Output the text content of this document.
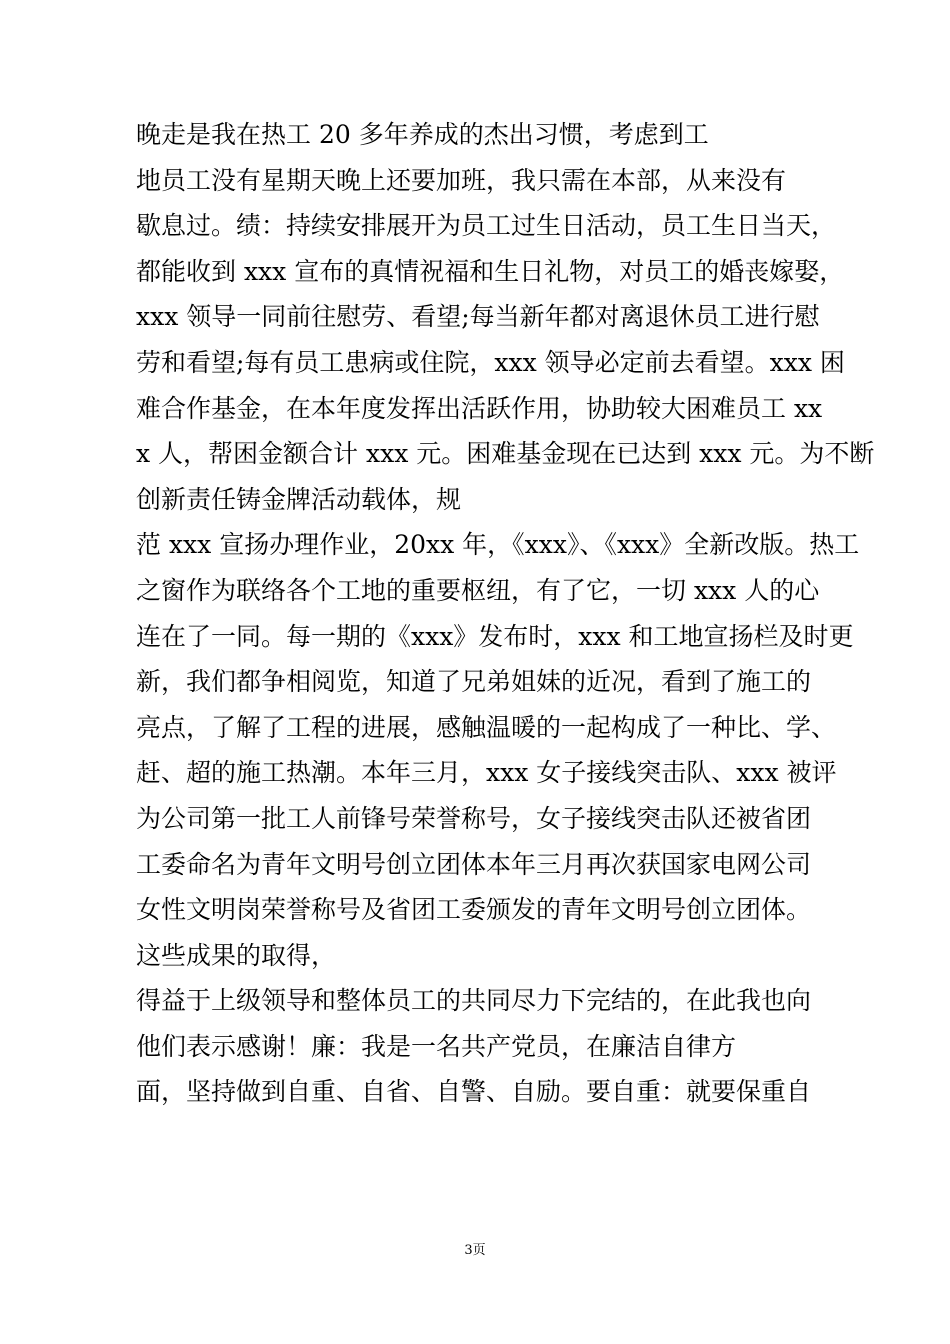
晚走是我在热工 20 多年养成的杰出习惯，考虑到工
地员工没有星期天晚上还要加班，我只需在本部，从来没有
歇息过。绩：持续安排展开为员工过生日活动，员工生日当天，
都能收到 xxx 宣布的真情祝福和生日礼物，对员工的婚丧嫁娶，
xxx 领导一同前往慰劳、看望;每当新年都对离退休员工进行慰
劳和看望;每有员工患病或住院，xxx 领导必定前去看望。xxx 困
难合作基金，在本年度发挥出活跃作用，协助较大困难员工 xx
x 人，帮困金额合计 xxx 元。困难基金现在已达到 xxx 元。为不断
创新责任铸金牌活动载体，规
范 xxx 宣扬办理作业，20xx 年，《xxx》、《xxx》全新改版。热工
之窗作为联络各个工地的重要枢纽，有了它，一切 xxx 人的心
连在了一同。每一期的《xxx》发布时，xxx 和工地宣扬栏及时更
新，我们都争相阅览，知道了兄弟姐妹的近况，看到了施工的
亮点，了解了工程的进展，感触温暖的一起构成了一种比、学、
赶、超的施工热潮。本年三月，xxx 女子接线突击队、xxx 被评
为公司第一批工人前锋号荣誉称号，女子接线突击队还被省团
工委命名为青年文明号创立团体本年三月再次获国家电网公司
女性文明岗荣誉称号及省团工委颁发的青年文明号创立团体。
这些成果的取得，
得益于上级领导和整体员工的共同尽力下完结的，在此我也向
他们表示感谢！廉：我是一名共产党员，在廉洁自律方
面，坚持做到自重、自省、自警、自励。要自重：就要保重自
3页
